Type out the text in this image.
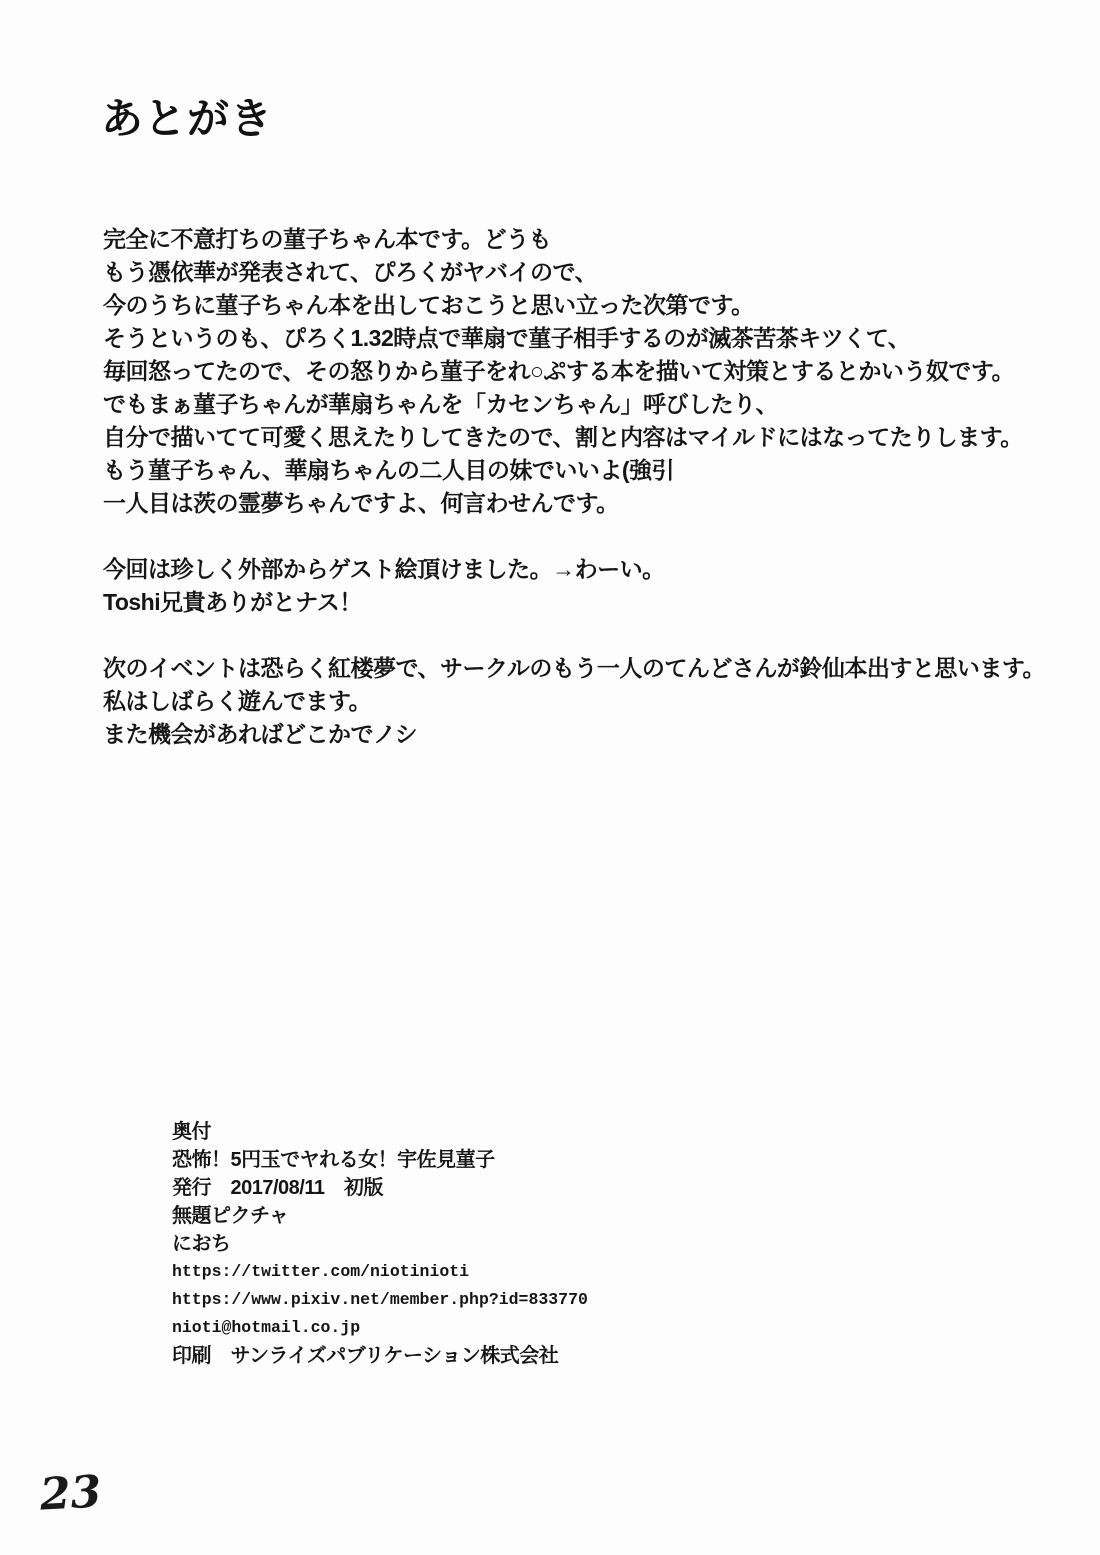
あとがき
完全に不意打ちの菫子ちゃん本です。どうも
もう憑依華が発表されて、ぴろくがヤバイので、
今のうちに菫子ちゃん本を出しておこうと思い立った次第です。
そうというのも、ぴろく1.32時点で華扇で菫子相手するのが滅茶苦茶キツくて、
毎回怒ってたので、その怒りから菫子をれ○ぷする本を描いて対策とするとかいう奴です。
でもまぁ菫子ちゃんが華扇ちゃんを「カセンちゃん」呼びしたり、
自分で描いてて可愛く思えたりしてきたので、割と内容はマイルドにはなってたりします。
もう菫子ちゃん、華扇ちゃんの二人目の妹でいいよ(強引
一人目は茨の霊夢ちゃんですよ、何言わせんです。
今回は珍しく外部からゲスト絵頂けました。→わーい。
Toshi兄貴ありがとナス！
次のイベントは恐らく紅楼夢で、サークルのもう一人のてんどさんが鈴仙本出すと思います。
私はしばらく遊んでます。
また機会があればどこかでノシ
奥付
恐怖！5円玉でヤれる女！宇佐見菫子
発行　2017/08/11　初版
無題ピクチャ
におち
https://twitter.com/niotinioti
https://www.pixiv.net/member.php?id=833770
nioti@hotmail.co.jp
印刷　サンライズパブリケーション株式会社
23
